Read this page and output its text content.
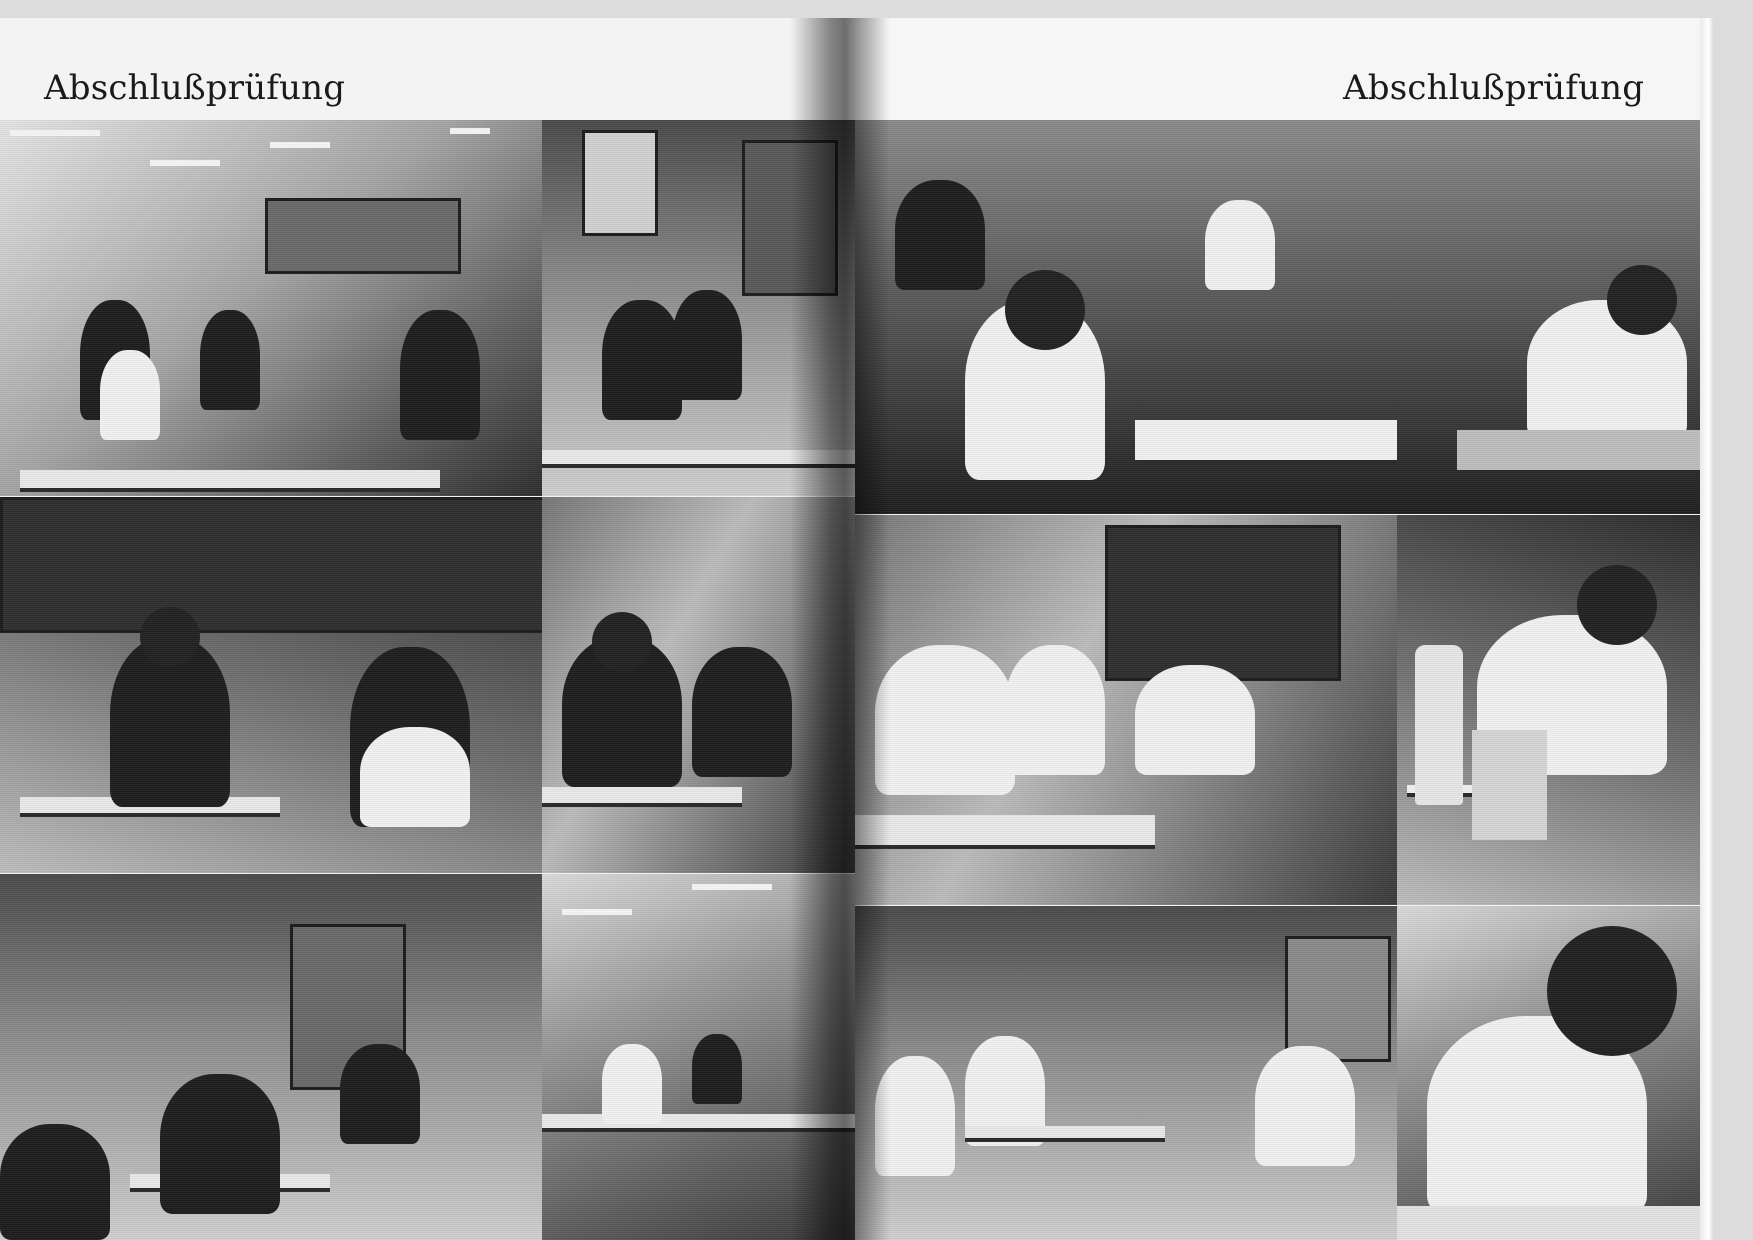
Abschlußprüfung	Abschlußprüfung
